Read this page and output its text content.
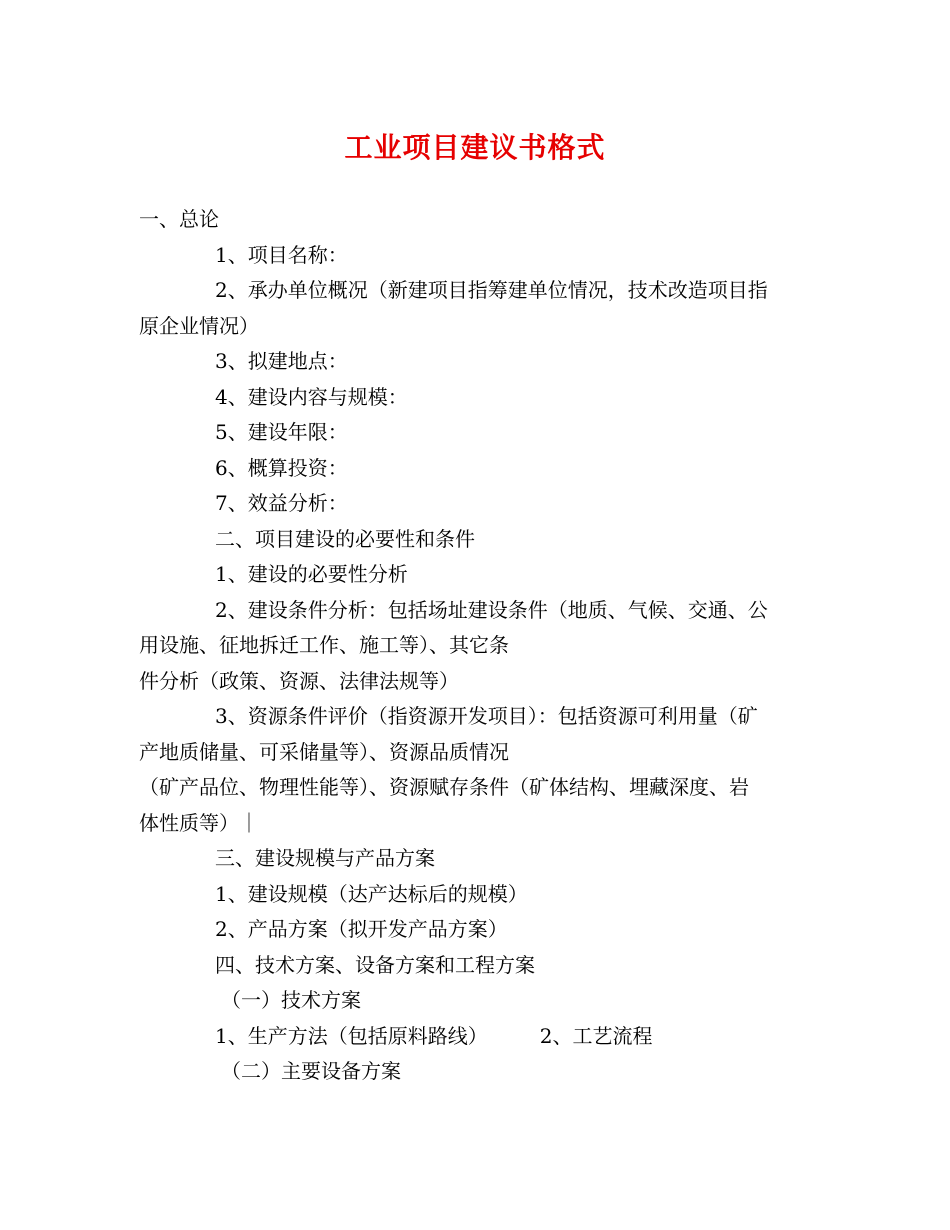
工业项目建议书格式
一、总论
1、项目名称：
2、承办单位概况（新建项目指筹建单位情况，技术改造项目指
原企业情况）
3、拟建地点：
4、建设内容与规模：
5、建设年限：
6、概算投资：
7、效益分析：
二、项目建设的必要性和条件
1、建设的必要性分析
2、建设条件分析：包括场址建设条件（地质、气候、交通、公
用设施、征地拆迁工作、施工等）、其它条
件分析（政策、资源、法律法规等）
3、资源条件评价（指资源开发项目）：包括资源可利用量（矿
产地质储量、可采储量等）、资源品质情况
（矿产品位、物理性能等）、资源赋存条件（矿体结构、埋藏深度、岩
体性质等）｜
三、建设规模与产品方案
1、建设规模（达产达标后的规模）
2、产品方案（拟开发产品方案）
四、技术方案、设备方案和工程方案
（一）技术方案
1、生产方法（包括原料路线）	2、工艺流程
（二）主要设备方案
